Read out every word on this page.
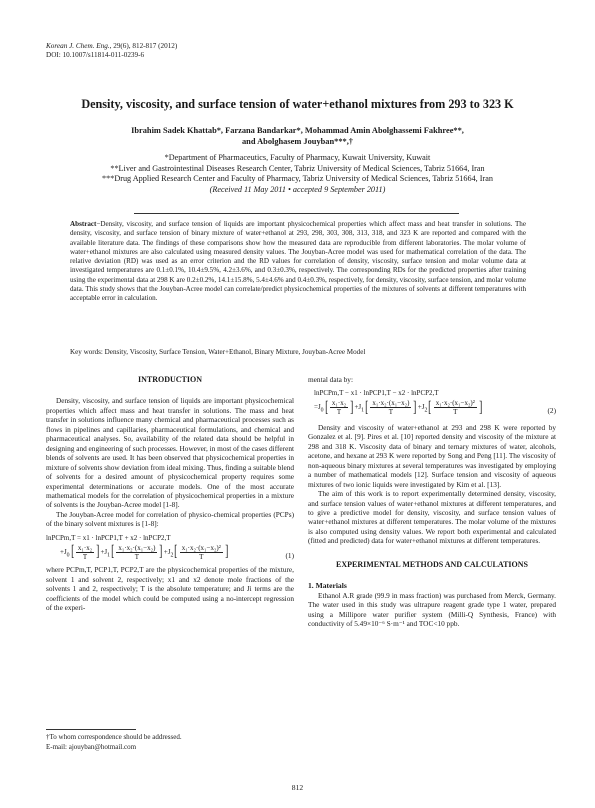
Korean J. Chem. Eng., 29(6), 812-817 (2012)
DOI: 10.1007/s11814-011-0239-6
Density, viscosity, and surface tension of water+ethanol mixtures from 293 to 323 K
Ibrahim Sadek Khattab*, Farzana Bandarkar*, Mohammad Amin Abolghassemi Fakhree**,
and Abolghasem Jouyban***,†
*Department of Pharmaceutics, Faculty of Pharmacy, Kuwait University, Kuwait
**Liver and Gastrointestinal Diseases Research Center, Tabriz University of Medical Sciences, Tabriz 51664, Iran
***Drug Applied Research Center and Faculty of Pharmacy, Tabriz University of Medical Sciences, Tabriz 51664, Iran
(Received 11 May 2011 • accepted 9 September 2011)
Abstract−Density, viscosity, and surface tension of liquids are important physicochemical properties which affect mass and heat transfer in solutions. The density, viscosity, and surface tension of binary mixture of water+ethanol at 293, 298, 303, 308, 313, 318, and 323 K are reported and compared with the available literature data. The findings of these comparisons show how the measured data are reproducible from different laboratories. The molar volume of water+ethanol mixtures are also calculated using measured density values. The Jouyban-Acree model was used for mathematical correlation of the data. The relative deviation (RD) was used as an error criterion and the RD values for correlation of density, viscosity, surface tension and molar volume data at investigated temperatures are 0.1±0.1%, 10.4±9.5%, 4.2±3.6%, and 0.3±0.3%, respectively. The corresponding RDs for the predicted properties after training using the experimental data at 298 K are 0.2±0.2%, 14.1±15.8%, 5.4±4.6% and 0.4±0.3%, respectively, for density, viscosity, surface tension, and molar volume data. This study shows that the Jouyban-Acree model can correlate/predict physicochemical properties of the mixtures of solvents at different temperatures with acceptable error in calculation.
Key words: Density, Viscosity, Surface Tension, Water+Ethanol, Binary Mixture, Jouyban-Acree Model
INTRODUCTION
Density, viscosity, and surface tension of liquids are important physicochemical properties which affect mass and heat transfer in solutions. The mass and heat transfer in solutions influence many chemical and pharmaceutical processes such as flows in pipelines and capillaries, pharmaceutical formulations, and chemical and pharmaceutical analyses. So, availability of the related data should be helpful in designing and engineering of such processes. However, in most of the cases different blends of solvents are used. It has been observed that physicochemical properties in mixture of solvents show deviation from ideal mixing. Thus, finding a suitable blend of solvents for a desired amount of physicochemical property requires some experimental determinations or accurate models. One of the most accurate mathematical models for the correlation of physicochemical properties in a mixture of solvents is the Jouyban-Acree model [1-8].
The Jouyban-Acree model for correlation of physico-chemical properties (PCPs) of the binary solvent mixtures is [1-8]:
lnPCPm,T = x1 · lnPCP1,T + x2 · lnPCP2,T
$+J_0[ \frac{\text{x₁·x₂}}{T} ]+J_1[ \frac{\text{x₁·x₂·(x₁−x₂)}}{T} ]+J_2[ \frac{\text{x₁·x₂·(x₁−x₂)²}}{T}$ ]	(1)
where PCPm,T, PCP1,T, PCP2,T are the physicochemical properties of the mixture, solvent 1 and solvent 2, respectively; x1 and x2 denote mole fractions of the solvents 1 and 2, respectively; T is the absolute temperature; and Ji terms are the coefficients of the model which could be computed using a no-intercept regression of the experi-
mental data by:
lnPCPm,T − x1 · lnPCP1,T − x2 · lnPCP2,T
$=J_0[ \frac{\text{x₁·x₂}}{T} ]+J_1[ \frac{\text{x₁·x₂·(x₁−x₂)}}{T} ]+J_2[ \frac{\text{x₁·x₂·(x₁−x₂)²}}{T}$ ]	(2)
Density and viscosity of water+ethanol at 293 and 298 K were reported by Gonzalez et al. [9]. Pires et al. [10] reported density and viscosity of the mixture at 298 and 318 K. Viscosity data of binary and ternary mixtures of water, alcohols, acetone, and hexane at 293 K were reported by Song and Peng [11]. The viscosity of non-aqueous binary mixtures at several temperatures was investigated by employing a number of mathematical models [12]. Surface tension and viscosity of aqueous mixtures of two ionic liquids were investigated by Kim et al. [13].
The aim of this work is to report experimentally determined density, viscosity, and surface tension values of water+ethanol mixtures at different temperatures, and to give a predictive model for density, viscosity, and surface tension values of water+ethanol mixtures at different temperatures. The molar volume of the mixtures is also computed using density values. We report both experimental and calculated (fitted and predicted) data for water+ethanol mixtures at different temperatures.
EXPERIMENTAL METHODS AND CALCULATIONS
1. Materials
Ethanol A.R grade (99.9 in mass fraction) was purchased from Merck, Germany. The water used in this study was ultrapure reagent grade type 1 water, prepared using a Millipore water purifier system (Milli-Q Synthesis, France) with conductivity of 5.49×10⁻⁶ S·m⁻¹ and TOC<10 ppb.
†To whom correspondence should be addressed.
E-mail: ajouyban@hotmail.com
812
